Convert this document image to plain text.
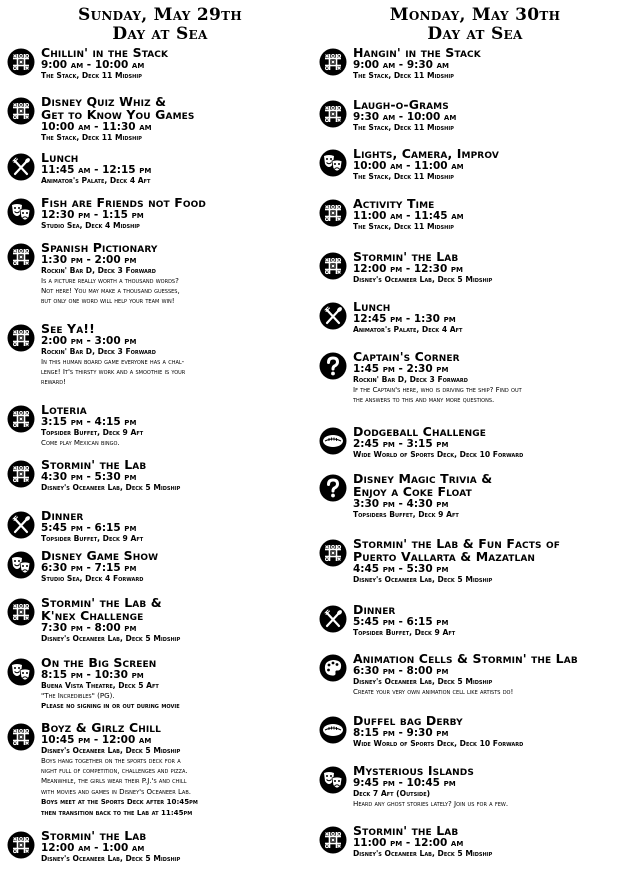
Sunday, May 29th
Day at Sea
Chillin' in the Stack
9:00 am - 10:00 am
The Stack, Deck 11 Midship
Disney Quiz Whiz &
Get to Know You Games
10:00 am - 11:30 am
The Stack, Deck 11 Midship
Lunch
11:45 am - 12:15 pm
Animator's Palate, Deck 4 Aft
Fish are Friends not Food
12:30 pm - 1:15 pm
Studio Sea, Deck 4 Midship
Spanish Pictionary
1:30 pm - 2:00 pm
Rockin' Bar D, Deck 3 Forward
Is a picture really worth a thousand words?
Not here! You may make a thousand guesses,
but only one word will help your team win!
See Ya!!
2:00 pm - 3:00 pm
Rockin' Bar D, Deck 3 Forward
In this human board game everyone has a chal-
lenge! It's thirsty work and a smoothie is your
reward!
Loteria
3:15 pm - 4:15 pm
Topsider Buffet, Deck 9 Aft
Come play Mexican bingo.
Stormin' the Lab
4:30 pm - 5:30 pm
Disney's Oceaneer Lab, Deck 5 Midship
Dinner
5:45 pm - 6:15 pm
Topsider Buffet, Deck 9 Aft
Disney Game Show
6:30 pm - 7:15 pm
Studio Sea, Deck 4 Forward
Stormin' the Lab &
K'nex Challenge
7:30 pm - 8:00 pm
Disney's Oceaneer Lab, Deck 5 Midship
On the Big Screen
8:15 pm - 10:30 pm
Buena Vista Theatre, Deck 5 Aft
"The Incredibles" (PG).
Please no signing in or out during movie
Boyz & Girlz Chill
10:45 pm - 12:00 am
Disney's Oceaneer Lab, Deck 5 Midship
Boys hang together on the sports deck for a
night full of competition, challenges and pizza.
Meanwhile, the girls wear their P.J.'s and chill
with movies and games in Disney's Oceaneer Lab.
Boys meet at the Sports Deck after 10:45pm
then transition back to the Lab at 11:45pm
Stormin' the Lab
12:00 am - 1:00 am
Disney's Oceaneer Lab, Deck 5 Midship
Monday, May 30th
Day at Sea
Hangin' in the Stack
9:00 am - 9:30 am
The Stack, Deck 11 Midship
Laugh-o-Grams
9:30 am - 10:00 am
The Stack, Deck 11 Midship
Lights, Camera, Improv
10:00 am - 11:00 am
The Stack, Deck 11 Midship
Activity Time
11:00 am - 11:45 am
The Stack, Deck 11 Midship
Stormin' the Lab
12:00 pm - 12:30 pm
Disney's Oceaneer Lab, Deck 5 Midship
Lunch
12:45 pm - 1:30 pm
Animator's Palate, Deck 4 Aft
Captain's Corner
1:45 pm - 2:30 pm
Rockin' Bar D, Deck 3 Forward
If the Captain's here, who is driving the ship? Find out
the answers to this and many more questions.
Dodgeball Challenge
2:45 pm - 3:15 pm
Wide World of Sports Deck, Deck 10 Forward
Disney Magic Trivia &
Enjoy a Coke Float
3:30 pm - 4:30 pm
Topsiders Buffet, Deck 9 Aft
Stormin' the Lab & Fun Facts of
Puerto Vallarta & Mazatlan
4:45 pm - 5:30 pm
Disney's Oceaneer Lab, Deck 5 Midship
Dinner
5:45 pm - 6:15 pm
Topsider Buffet, Deck 9 Aft
Animation Cells & Stormin' the Lab
6:30 pm - 8:00 pm
Disney's Oceaneer Lab, Deck 5 Midship
Create your very own animation cell like artists do!
Duffel bag Derby
8:15 pm - 9:30 pm
Wide World of Sports Deck, Deck 10 Forward
Mysterious Islands
9:45 pm - 10:45 pm
Deck 7 Aft (Outside)
Heard any ghost stories lately? Join us for a few.
Stormin' the Lab
11:00 pm - 12:00 am
Disney's Oceaneer Lab, Deck 5 Midship
